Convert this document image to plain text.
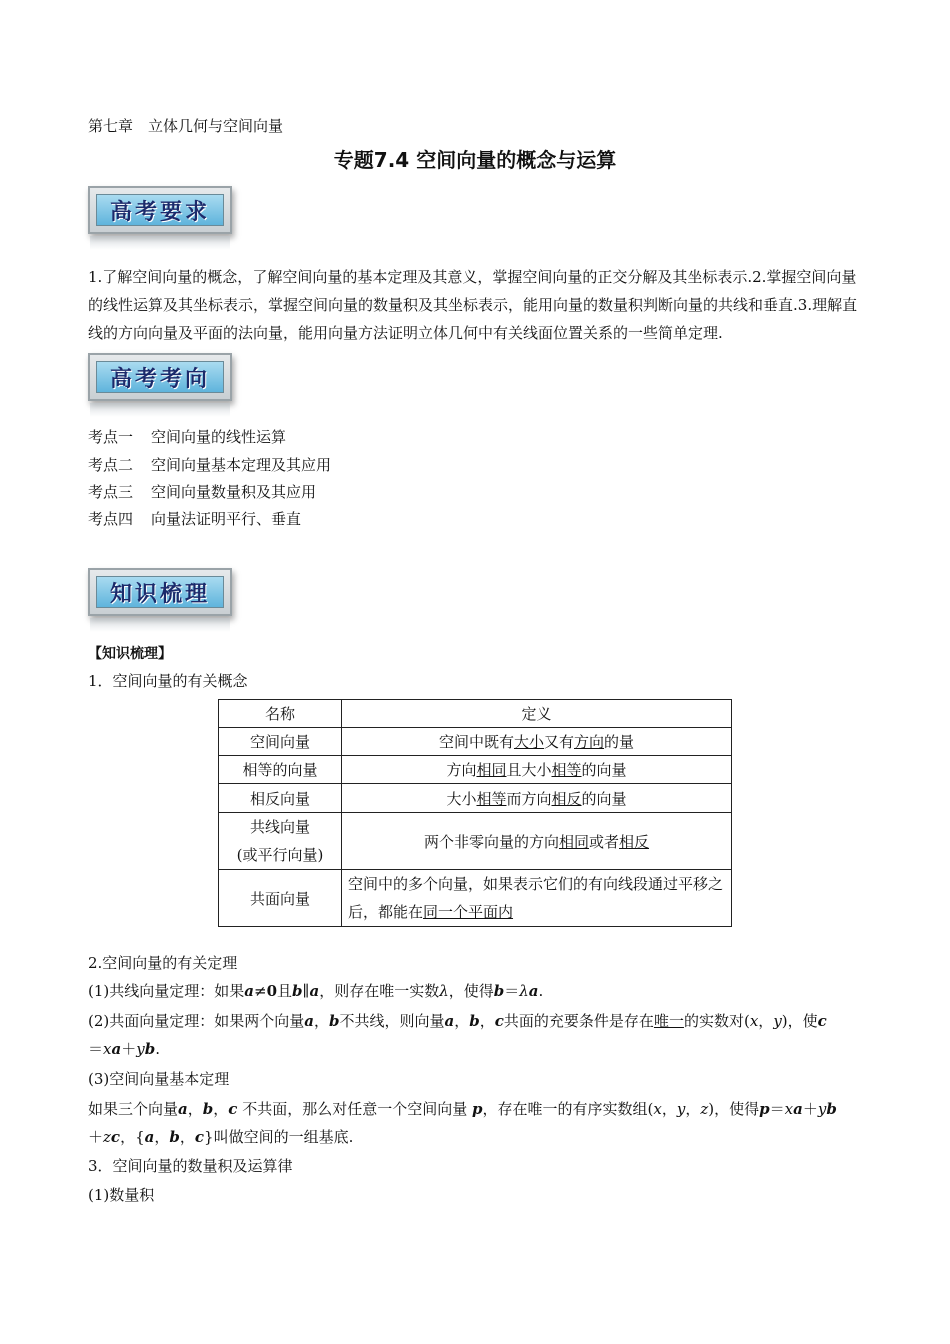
第七章　立体几何与空间向量
专题7.4 空间向量的概念与运算
高考要求
1.了解空间向量的概念，了解空间向量的基本定理及其意义，掌握空间向量的正交分解及其坐标表示.2.掌握空间向量的线性运算及其坐标表示，掌握空间向量的数量积及其坐标表示，能用向量的数量积判断向量的共线和垂直.3.理解直线的方向向量及平面的法向量，能用向量方法证明立体几何中有关线面位置关系的一些简单定理.
高考考向
考点一 空间向量的线性运算
考点二 空间向量基本定理及其应用
考点三 空间向量数量积及其应用
考点四 向量法证明平行、垂直
知识梳理
【知识梳理】
1．空间向量的有关概念
名称	定义
空间向量	空间中既有大小又有方向的量
相等的向量	方向相同且大小相等的向量
相反向量	大小相等而方向相反的向量
共线向量
(或平行向量)	两个非零向量的方向相同或者相反
共面向量	空间中的多个向量，如果表示它们的有向线段通过平移之后，都能在同一个平面内
2.空间向量的有关定理
(1)共线向量定理：如果a≠0且b∥a，则存在唯一实数λ，使得b＝λa.
(2)共面向量定理：如果两个向量a，b不共线，则向量a，b，c共面的充要条件是存在唯一的实数对(x，y)，使c
＝xa＋yb.
(3)空间向量基本定理
如果三个向量a，b，c 不共面，那么对任意一个空间向量 p，存在唯一的有序实数组(x，y，z)，使得p＝xa＋yb
＋zc，{a，b，c}叫做空间的一组基底.
3．空间向量的数量积及运算律
(1)数量积
